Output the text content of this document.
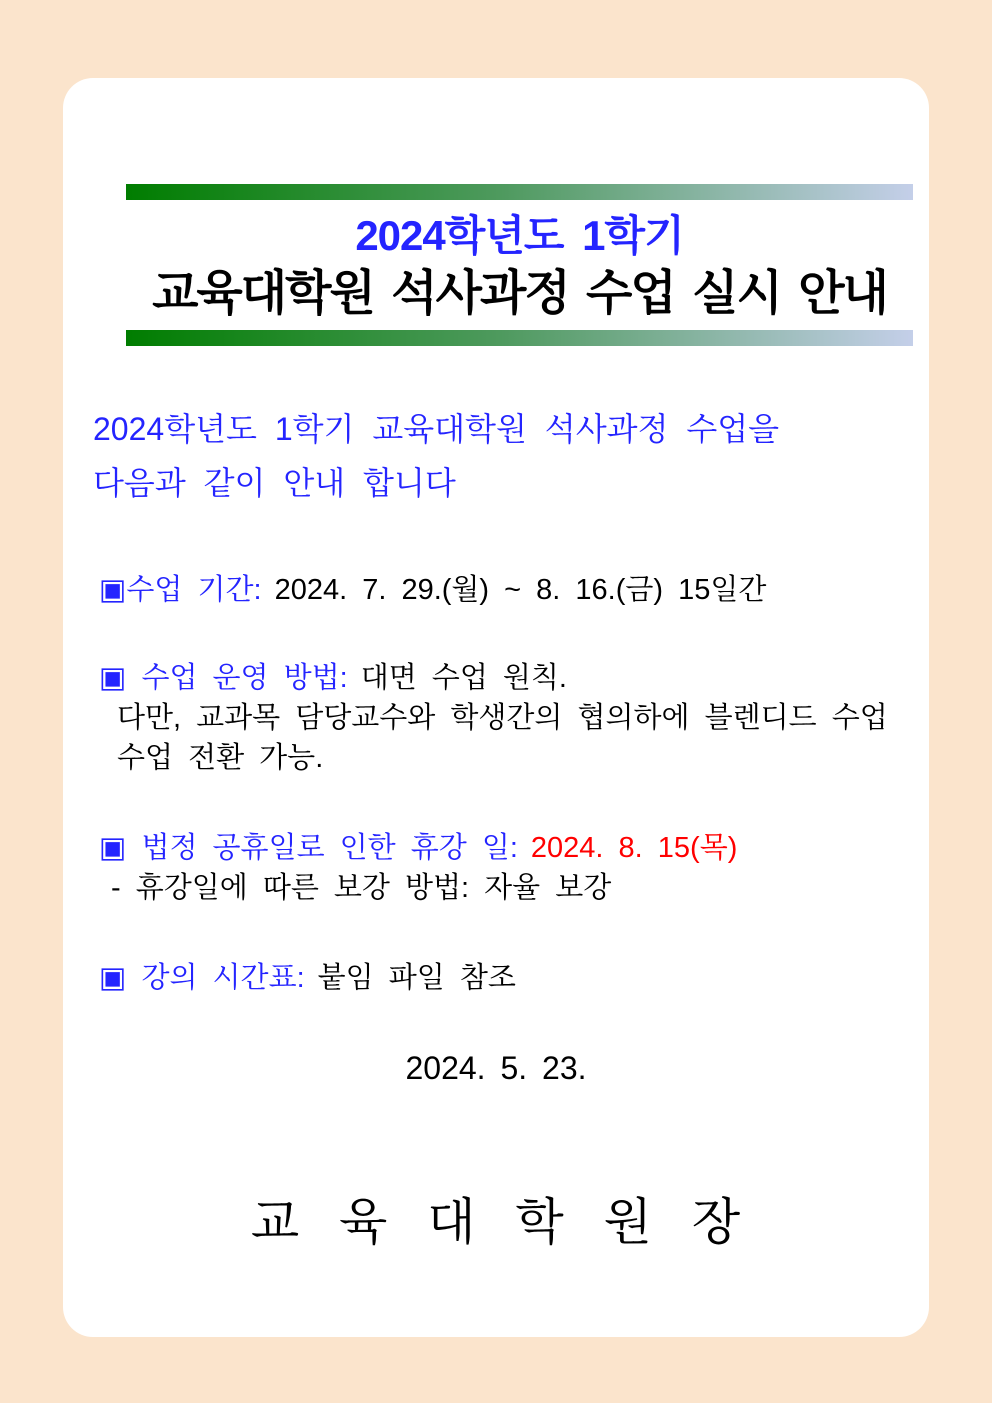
2024학년도 1학기
교육대학원 석사과정 수업 실시 안내
2024학년도 1학기 교육대학원 석사과정 수업을
다음과 같이 안내 합니다
▣수업 기간: 2024. 7. 29.(월) ~ 8. 16.(금) 15일간
▣ 수업 운영 방법: 대면 수업 원칙.
다만, 교과목 담당교수와 학생간의 협의하에 블렌디드 수업
수업 전환 가능.
▣ 법정 공휴일로 인한 휴강 일: 2024. 8. 15(목)
- 휴강일에 따른 보강 방법: 자율 보강
▣ 강의 시간표: 붙임 파일 참조
2024. 5. 23.
교 육 대 학 원 장
